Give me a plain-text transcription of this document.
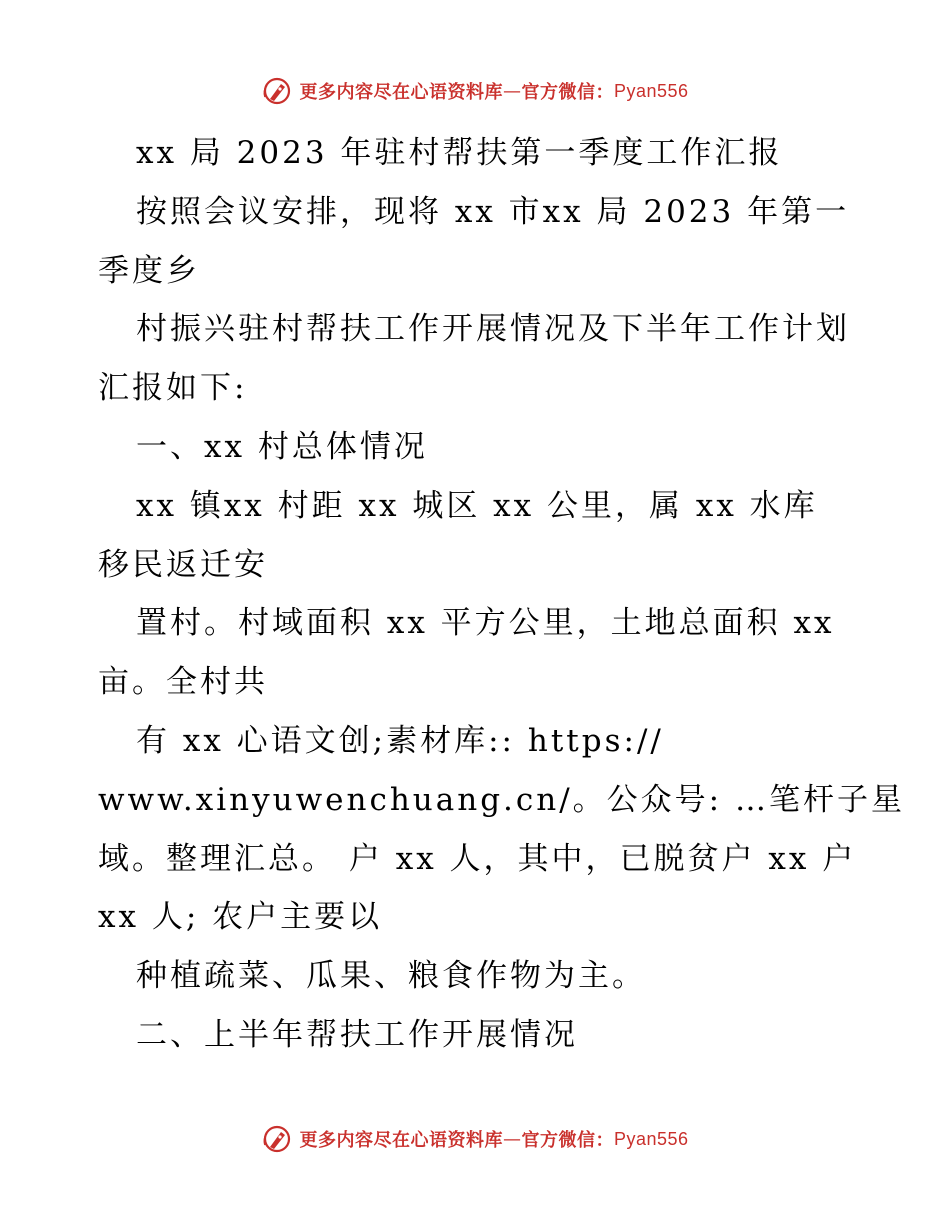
更多内容尽在心语资料库 — 官方微信： Pyan556
xx 局 2023 年驻村帮扶第一季度工作汇报
按照会议安排，现将 xx 市xx 局 2023 年第一
季度乡
村振兴驻村帮扶工作开展情况及下半年工作计划
汇报如下:
一、xx 村总体情况
xx 镇xx 村距 xx 城区 xx 公里，属 xx 水库
移民返迁安
置村。村域面积 xx 平方公里，土地总面积 xx
亩。全村共
有 xx 心语文创;素材库:: https://
www.xinyuwenchuang.cn/。公众号: …笔杆子星
域。整理汇总。 户 xx 人，其中，已脱贫户 xx 户
xx 人; 农户主要以
种植疏菜、瓜果、粮食作物为主。
二、上半年帮扶工作开展情况
更多内容尽在心语资料库 — 官方微信： Pyan556
